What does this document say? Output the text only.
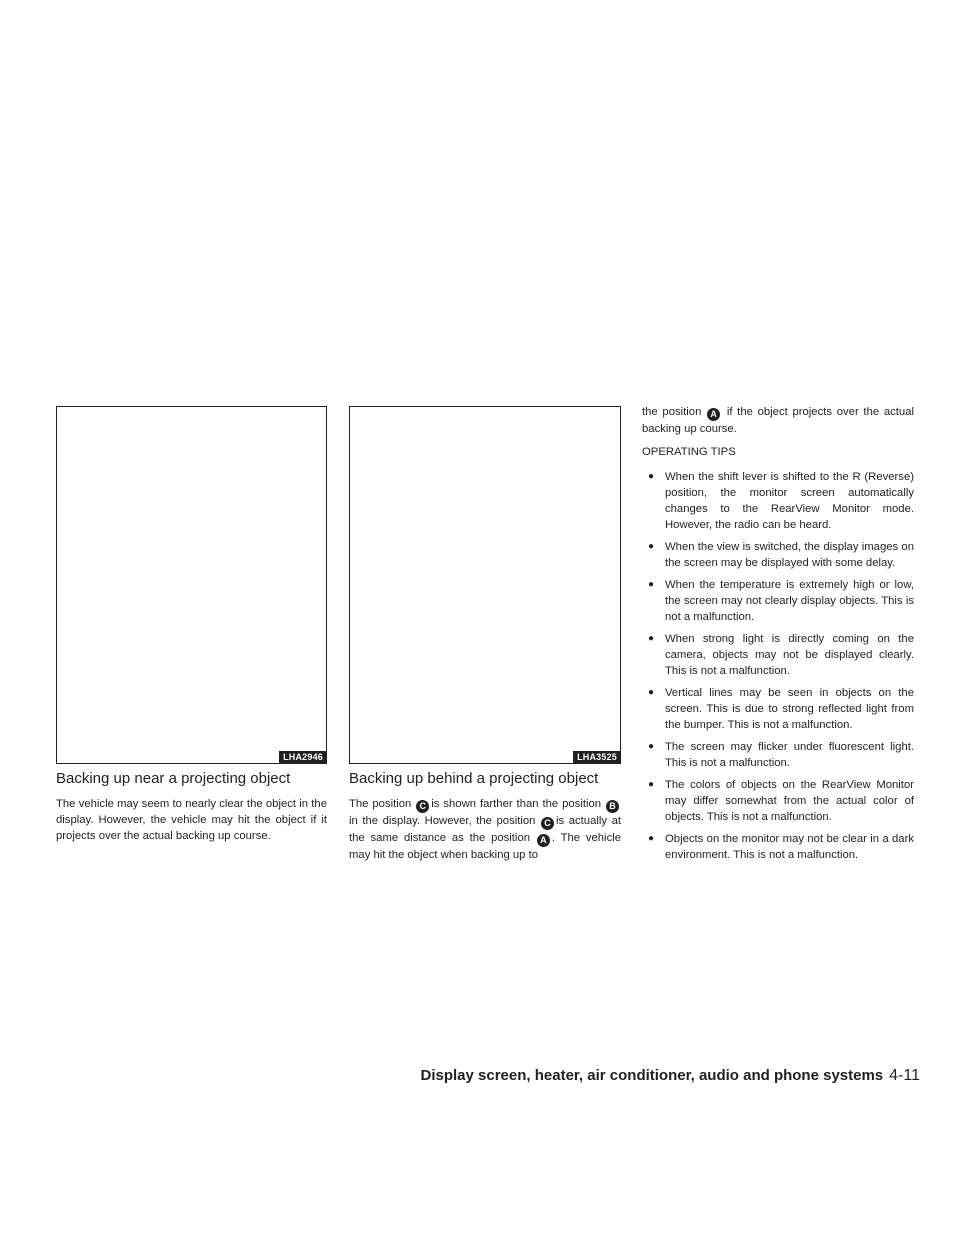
LHA2946	LHA3525
Backing up near a projecting object

The vehicle may seem to nearly clear the object in the display. However, the vehicle may hit the object if it projects over the actual backing up course.

Backing up behind a projecting object

The position C is shown farther than the position B in the display. However, the position C is actually at the same distance as the position A . The vehicle may hit the object when backing up to

the position A if the object projects over the actual backing up course.

OPERATING TIPS

● When the shift lever is shifted to the R (Reverse) position, the monitor screen automatically changes to the RearView Monitor mode. However, the radio can be heard.
● When the view is switched, the display images on the screen may be displayed with some delay.
● When the temperature is extremely high or low, the screen may not clearly display objects. This is not a malfunction.
● When strong light is directly coming on the camera, objects may not be displayed clearly. This is not a malfunction.
● Vertical lines may be seen in objects on the screen. This is due to strong reflected light from the bumper. This is not a malfunction.
● The screen may flicker under fluorescent light. This is not a malfunction.
● The colors of objects on the RearView Monitor may differ somewhat from the actual color of objects. This is not a malfunction.
● Objects on the monitor may not be clear in a dark environment. This is not a malfunction.
Display screen, heater, air conditioner, audio and phone systems 4-11
